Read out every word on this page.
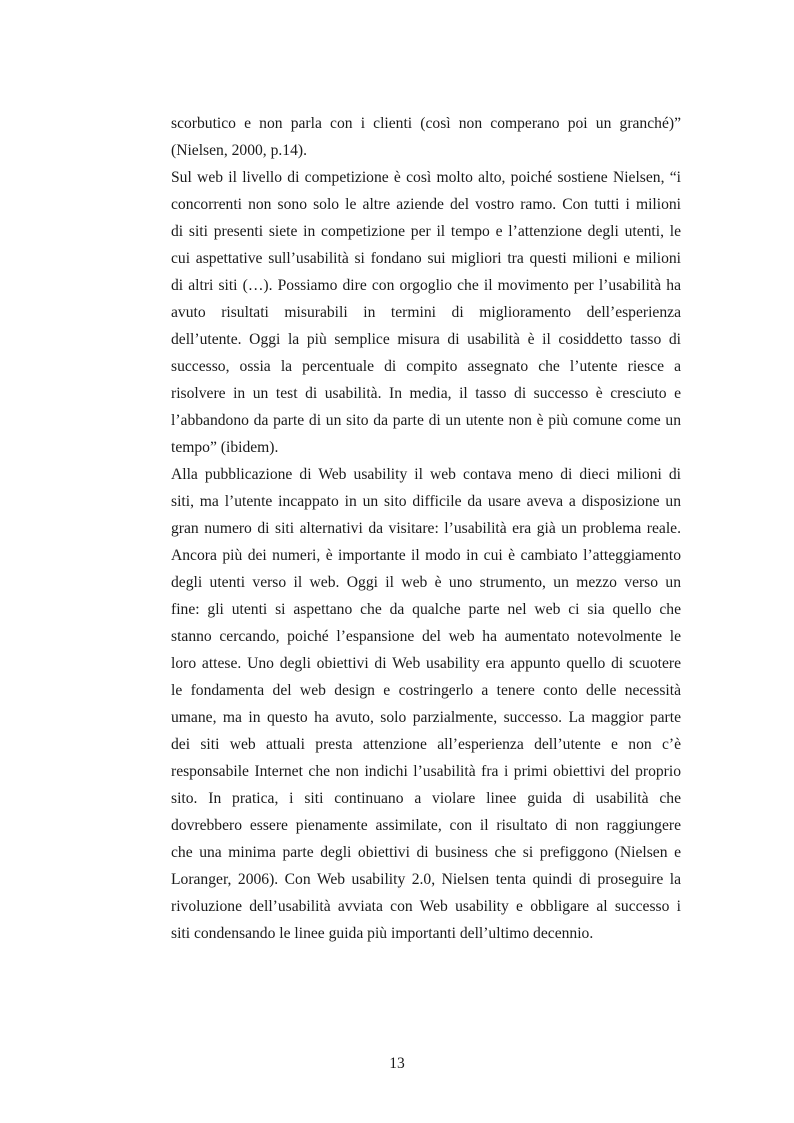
scorbutico e non parla con i clienti (così non comperano poi un granché)”
(Nielsen, 2000, p.14).
Sul web il livello di competizione è così molto alto, poiché sostiene Nielsen, “i
concorrenti non sono solo le altre aziende del vostro ramo. Con tutti i milioni
di siti presenti siete in competizione per il tempo e l’attenzione degli utenti, le
cui aspettative sull’usabilità si fondano sui migliori tra questi milioni e milioni
di altri siti (…). Possiamo dire con orgoglio che il movimento per l’usabilità ha
avuto risultati misurabili in termini di miglioramento dell’esperienza
dell’utente. Oggi la più semplice misura di usabilità è il cosiddetto tasso di
successo, ossia la percentuale di compito assegnato che l’utente riesce a
risolvere in un test di usabilità. In media, il tasso di successo è cresciuto e
l’abbandono da parte di un sito da parte di un utente non è più comune come un
tempo” (ibidem).
Alla pubblicazione di Web usability il web contava meno di dieci milioni di
siti, ma l’utente incappato in un sito difficile da usare aveva a disposizione un
gran numero di siti alternativi da visitare: l’usabilità era già un problema reale.
Ancora più dei numeri, è importante il modo in cui è cambiato l’atteggiamento
degli utenti verso il web. Oggi il web è uno strumento, un mezzo verso un
fine: gli utenti si aspettano che da qualche parte nel web ci sia quello che
stanno cercando, poiché l’espansione del web ha aumentato notevolmente le
loro attese. Uno degli obiettivi di Web usability era appunto quello di scuotere
le fondamenta del web design e costringerlo a tenere conto delle necessità
umane, ma in questo ha avuto, solo parzialmente, successo. La maggior parte
dei siti web attuali presta attenzione all’esperienza dell’utente e non c’è
responsabile Internet che non indichi l’usabilità fra i primi obiettivi del proprio
sito. In pratica, i siti continuano a violare linee guida di usabilità che
dovrebbero essere pienamente assimilate, con il risultato di non raggiungere
che una minima parte degli obiettivi di business che si prefiggono (Nielsen e
Loranger, 2006). Con Web usability 2.0, Nielsen tenta quindi di proseguire la
rivoluzione dell’usabilità avviata con Web usability e obbligare al successo i
siti condensando le linee guida più importanti dell’ultimo decennio.
13
